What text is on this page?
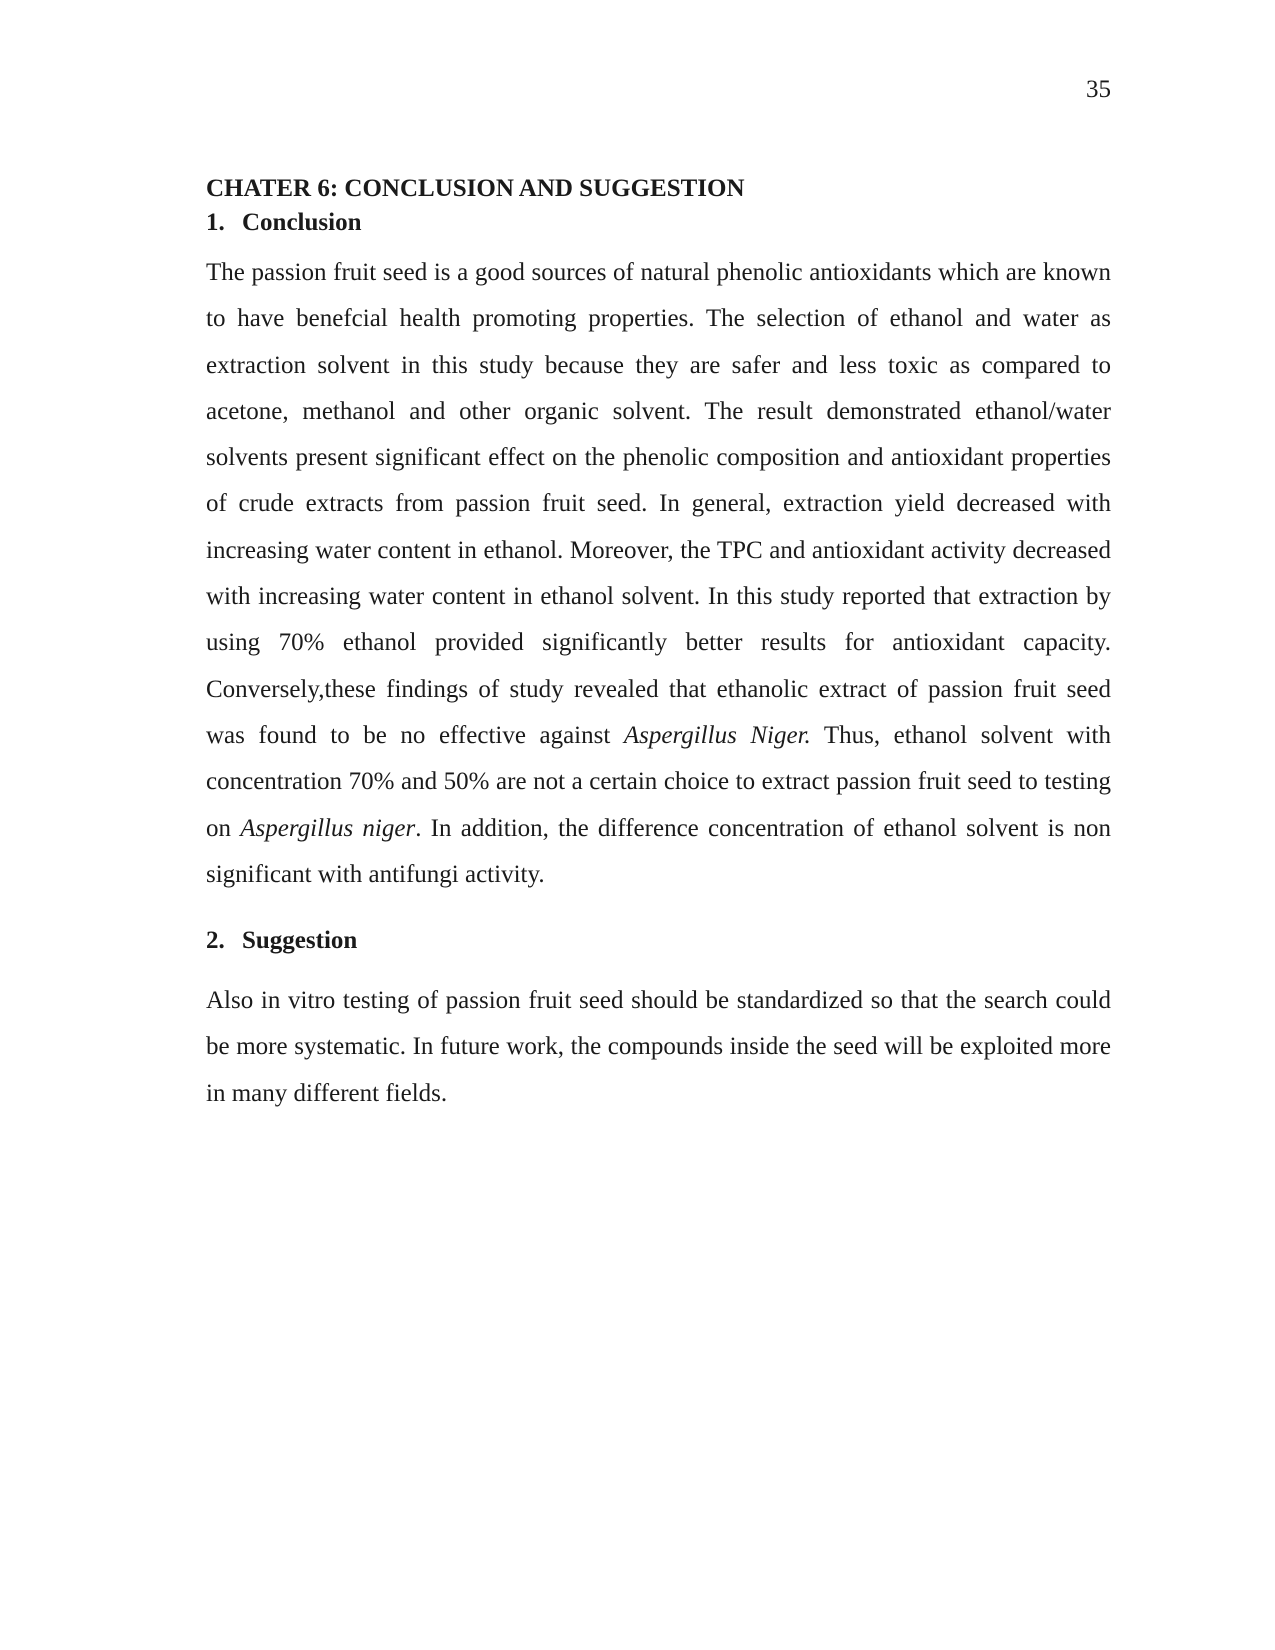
35
CHATER 6: CONCLUSION AND SUGGESTION
1. Conclusion

The passion fruit seed is a good sources of natural phenolic antioxidants which are known to have benefcial health promoting properties. The selection of ethanol and water as extraction solvent in this study because they are safer and less toxic as compared to acetone, methanol and other organic solvent. The result demonstrated ethanol/water solvents present significant effect on the phenolic composition and antioxidant properties of crude extracts from passion fruit seed. In general, extraction yield decreased with increasing water content in ethanol. Moreover, the TPC and antioxidant activity decreased with increasing water content in ethanol solvent. In this study reported that extraction by using 70% ethanol provided significantly better results for antioxidant capacity. Conversely,these findings of study revealed that ethanolic extract of passion fruit seed was found to be no effective against Aspergillus Niger. Thus, ethanol solvent with concentration 70% and 50% are not a certain choice to extract passion fruit seed to testing on Aspergillus niger. In addition, the difference concentration of ethanol solvent is non significant with antifungi activity.

2. Suggestion

Also in vitro testing of passion fruit seed should be standardized so that the search could be more systematic. In future work, the compounds inside the seed will be exploited more in many different fields.
